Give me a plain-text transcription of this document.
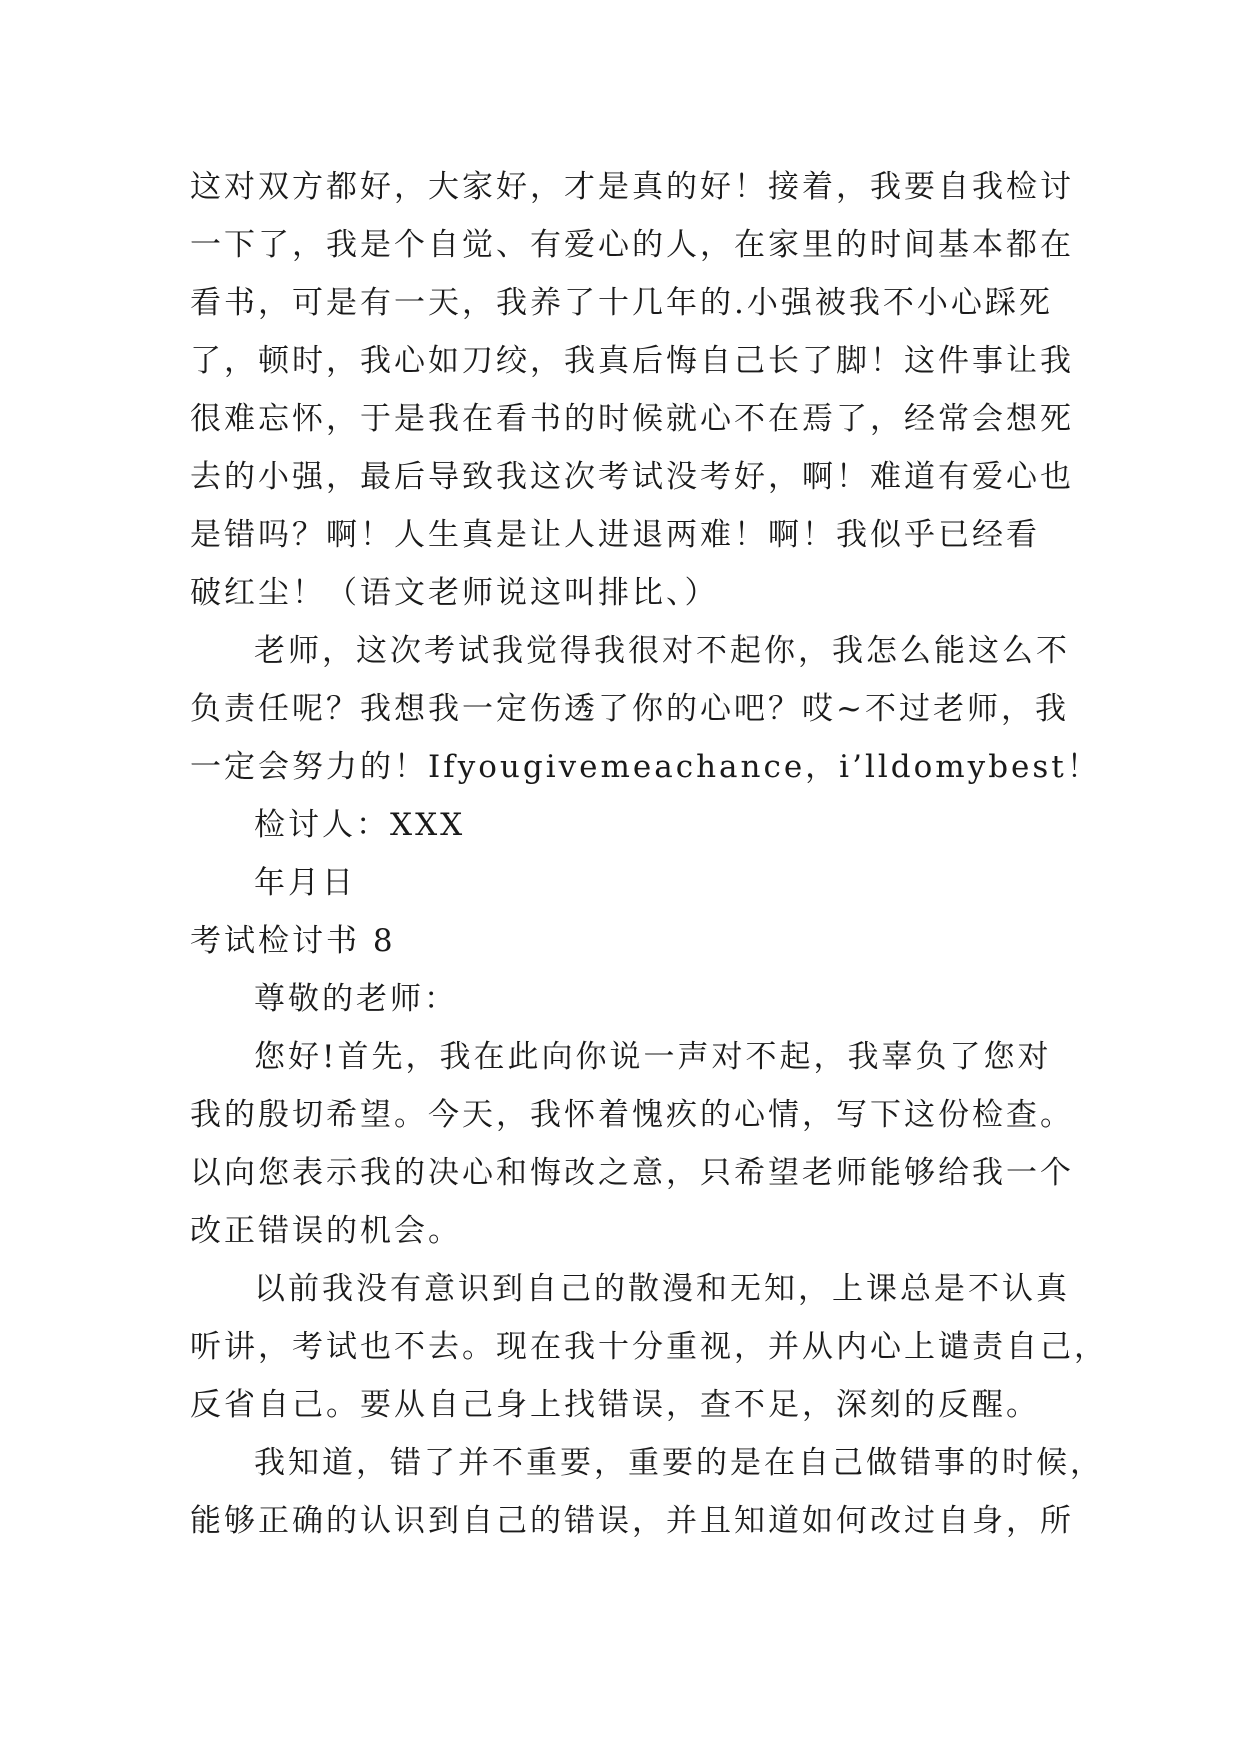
这对双方都好，大家好，才是真的好！接着，我要自我检讨
一下了，我是个自觉、有爱心的人，在家里的时间基本都在
看书，可是有一天，我养了十几年的.小强被我不小心踩死
了，顿时，我心如刀绞，我真后悔自己长了脚！这件事让我
很难忘怀，于是我在看书的时候就心不在焉了，经常会想死
去的小强，最后导致我这次考试没考好，啊！难道有爱心也
是错吗？啊！人生真是让人进退两难！啊！我似乎已经看
破红尘！（语文老师说这叫排比、）
老师，这次考试我觉得我很对不起你，我怎么能这么不
负责任呢？我想我一定伤透了你的心吧？哎~不过老师，我
一定会努力的！Ifyougivemeachance，i’lldomybest！
检讨人：XXX
年月日
考试检讨书 8
尊敬的老师：
您好!首先，我在此向你说一声对不起，我辜负了您对
我的殷切希望。今天，我怀着愧疚的心情，写下这份检查。
以向您表示我的决心和悔改之意，只希望老师能够给我一个
改正错误的机会。
以前我没有意识到自己的散漫和无知，上课总是不认真
听讲，考试也不去。现在我十分重视，并从内心上谴责自己，
反省自己。要从自己身上找错误，查不足，深刻的反醒。
我知道，错了并不重要，重要的是在自己做错事的时候，
能够正确的认识到自己的错误，并且知道如何改过自身，所
